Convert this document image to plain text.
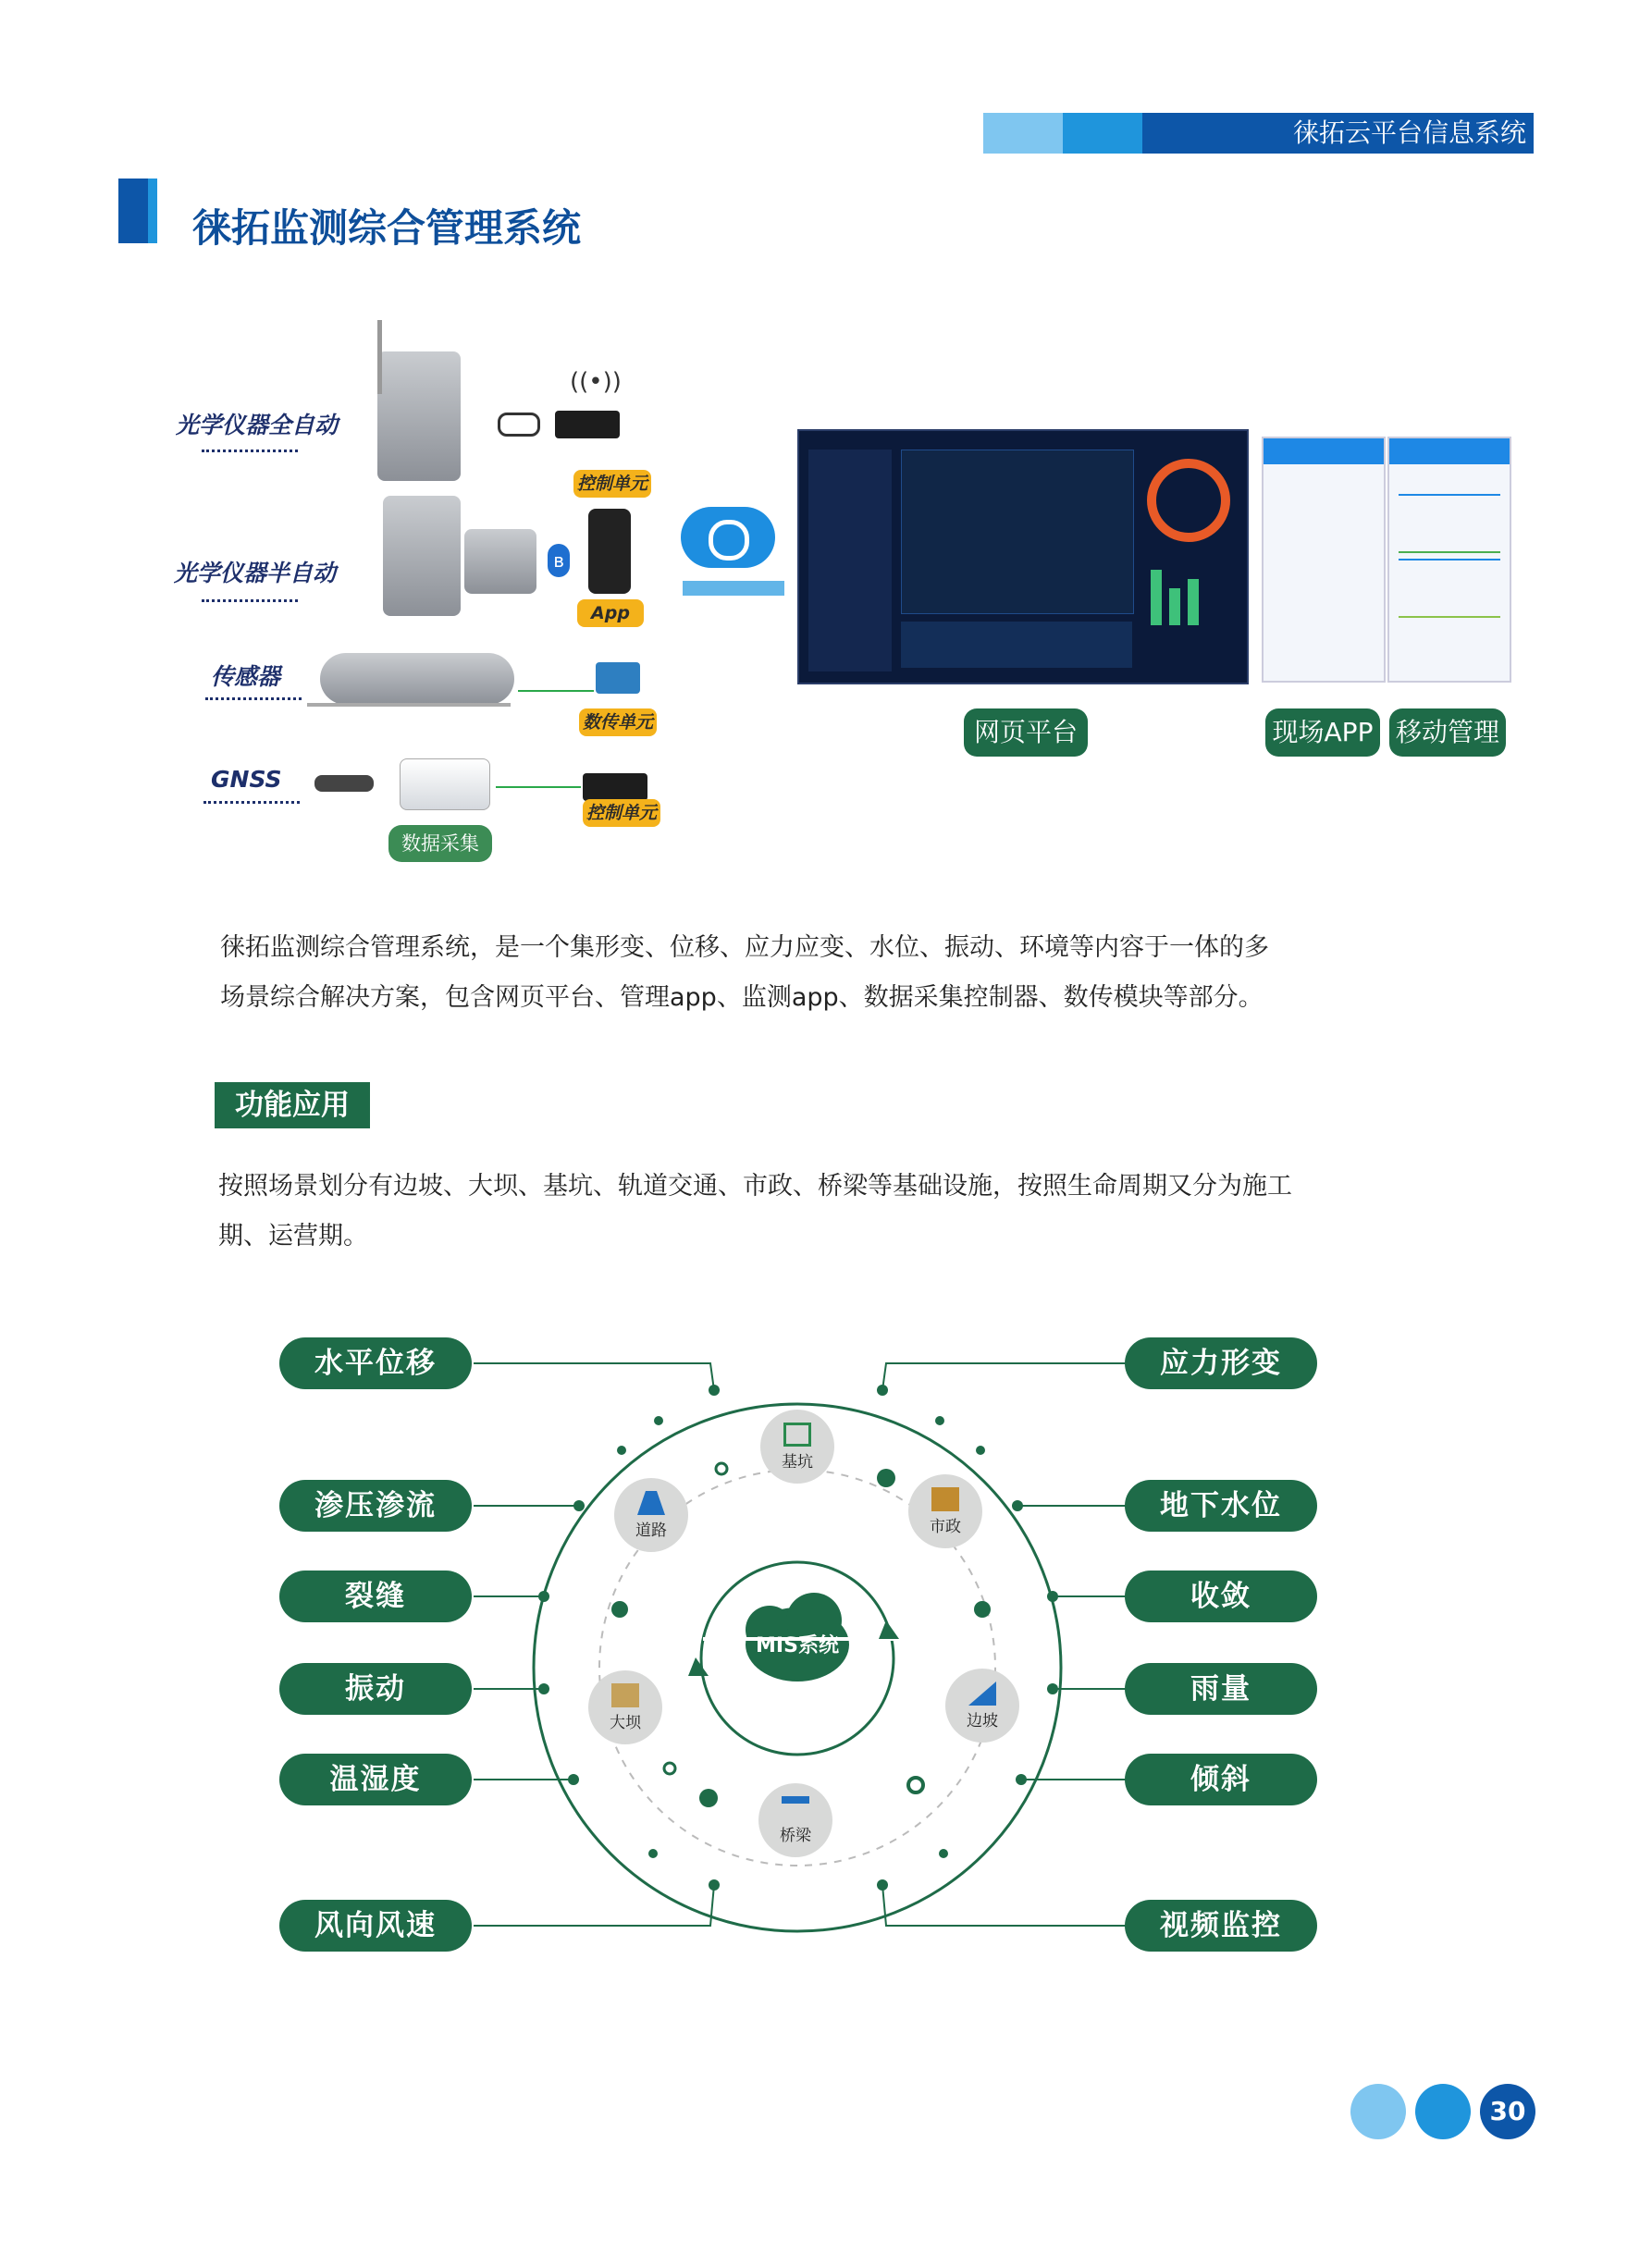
徕拓云平台信息系统
徕拓监测综合管理系统
光学仪器全自动
光学仪器半自动
传感器
GNSS
((•))
控制单元
ʙ
App
数传单元
控制单元
数据采集
网页平台	现场APP 移动管理
徕拓监测综合管理系统，是一个集形变、位移、应力应变、水位、振动、环境等内容于一体的多
场景综合解决方案，包含网页平台、管理app、监测app、数据采集控制器、数传模块等部分。
功能应用
按照场景划分有边坡、大坝、基坑、轨道交通、市政、桥梁等基础设施，按照生命周期又分为施工
期、运营期。
MIS系统
基坑
市政
边坡
桥梁
大坝
道路
水平位移
渗压渗流
裂缝
振动
温湿度
风向风速
应力形变
地下水位
收敛
雨量
倾斜
视频监控
30
